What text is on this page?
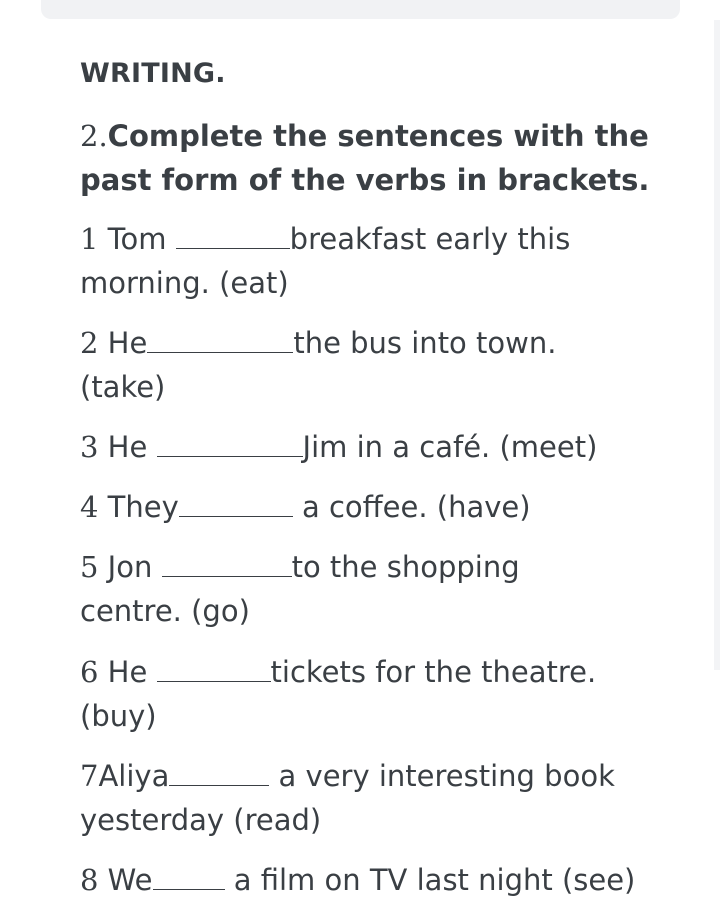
WRITING.
2.Complete the sentences with the
past form of the verbs in brackets.
1 Tom	breakfast early this
morning. (eat)
2 He	the bus into town.
(take)
3 He	Jim in a café. (meet)
4 They	a coffee. (have)
5 Jon	to the shopping
centre. (go)
6 He	tickets for the theatre.
(buy)
7Aliya	a very interesting book
yesterday (read)
8 We a film on TV last night (see)
